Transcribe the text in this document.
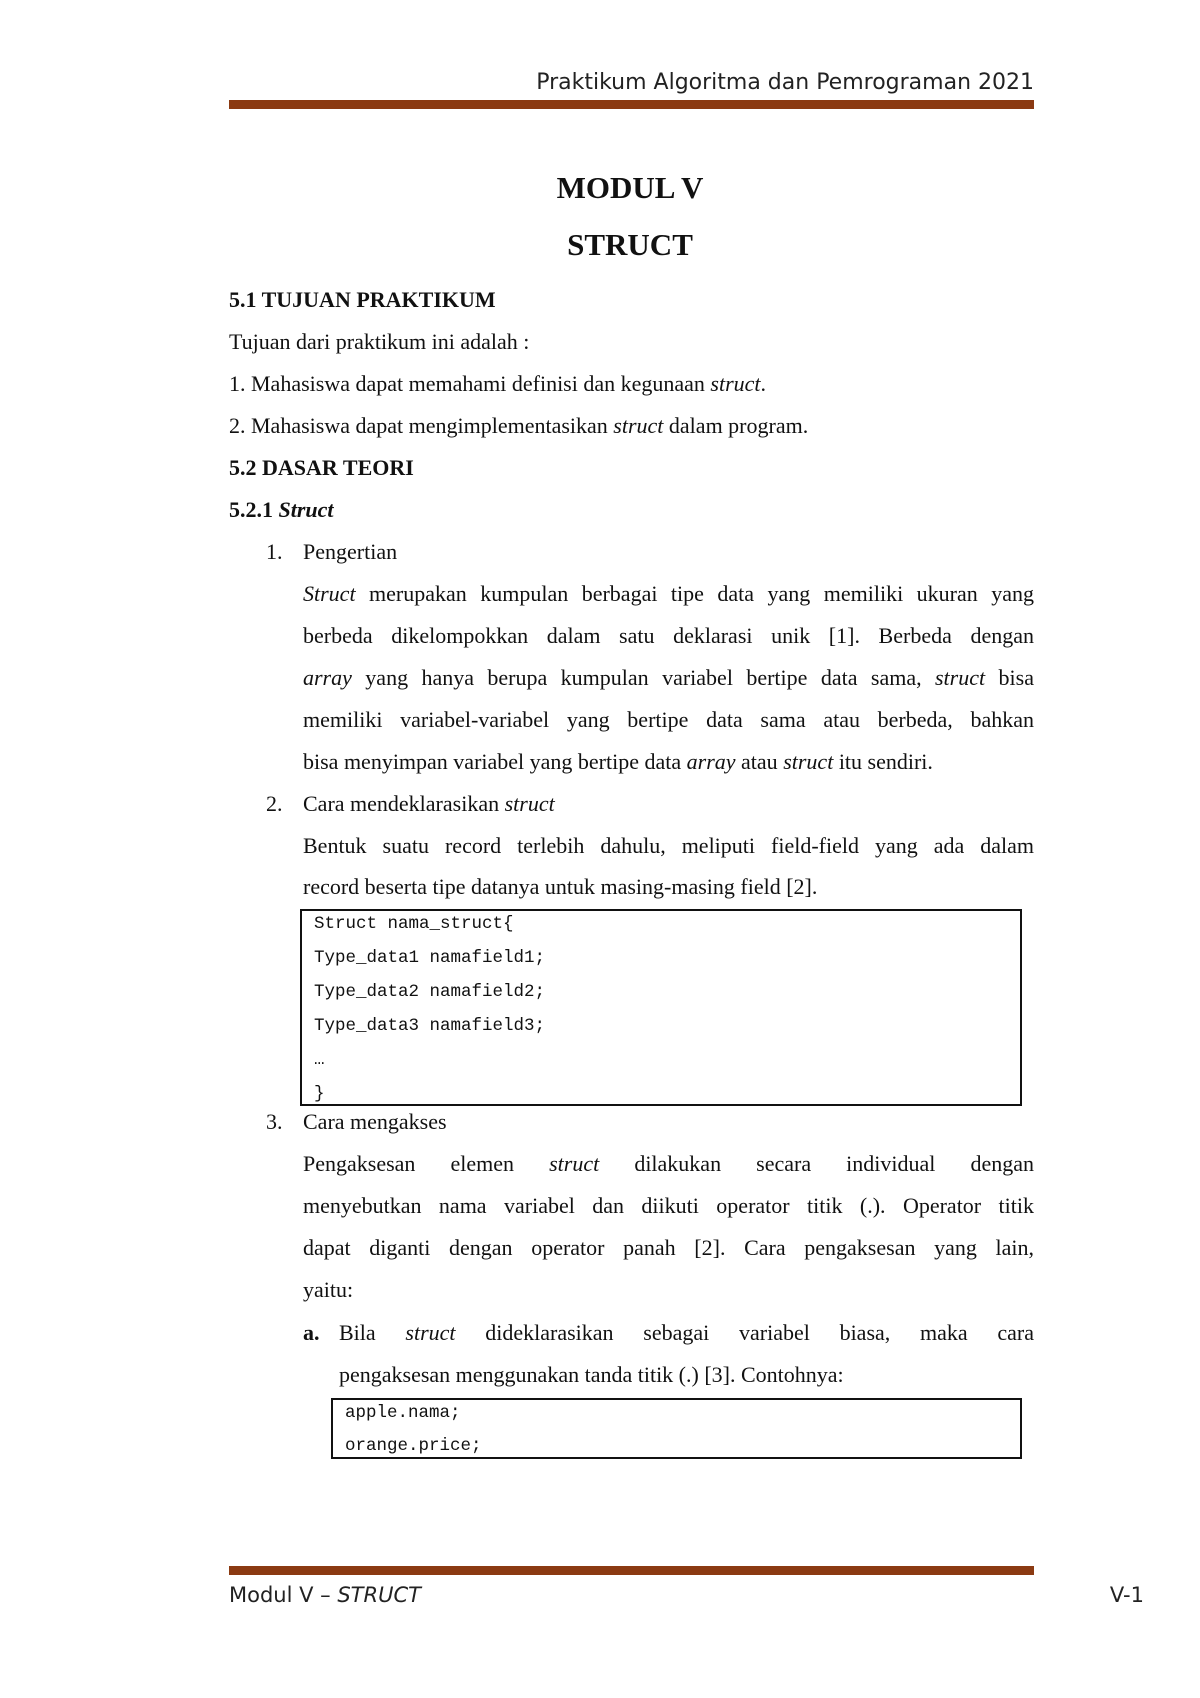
Praktikum Algoritma dan Pemrograman 2021
MODUL V
STRUCT
5.1 TUJUAN PRAKTIKUM
Tujuan dari praktikum ini adalah :
1. Mahasiswa dapat memahami definisi dan kegunaan struct.
2. Mahasiswa dapat mengimplementasikan struct dalam program.
5.2 DASAR TEORI
5.2.1 Struct
1. Pengertian
Struct merupakan kumpulan berbagai tipe data yang memiliki ukuran yang
berbeda dikelompokkan dalam satu deklarasi unik [1]. Berbeda dengan
array yang hanya berupa kumpulan variabel bertipe data sama, struct bisa
memiliki variabel-variabel yang bertipe data sama atau berbeda, bahkan
bisa menyimpan variabel yang bertipe data array atau struct itu sendiri.
2. Cara mendeklarasikan struct
Bentuk suatu record terlebih dahulu, meliputi field-field yang ada dalam
record beserta tipe datanya untuk masing-masing field [2].
Struct nama_struct{
Type_data1 namafield1;
Type_data2 namafield2;
Type_data3 namafield3;
…
}
3. Cara mengakses
Pengaksesan elemen struct dilakukan secara individual dengan
menyebutkan nama variabel dan diikuti operator titik (.). Operator titik
dapat diganti dengan operator panah [2]. Cara pengaksesan yang lain,
yaitu:
a. Bila struct dideklarasikan sebagai variabel biasa, maka cara
pengaksesan menggunakan tanda titik (.) [3]. Contohnya:
apple.nama;
orange.price;
Modul V – STRUCT	V-1
